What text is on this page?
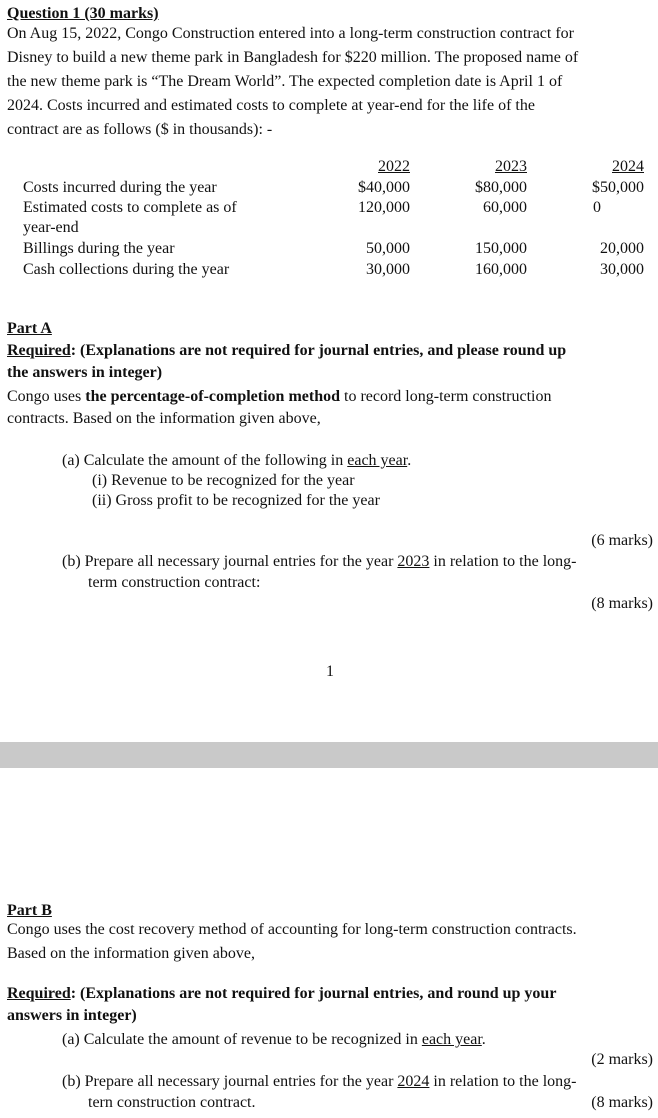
Question 1 (30 marks)

On Aug 15, 2022, Congo Construction entered into a long-term construction contract for

Disney to build a new theme park in Bangladesh for $220 million. The proposed name of

the new theme park is “The Dream World”. The expected completion date is April 1 of

2024. Costs incurred and estimated costs to complete at year-end for the life of the

contract are as follows ($ in thousands): -

2022	2023	2024
Costs incurred during the year	$40,000	$80,000	$50,000
Estimated costs to complete as of
year-end
120,000	60,000	0
Billings during the year	50,000	150,000	20,000
Cash collections during the year	30,000	160,000	30,000

Part A

Required: (Explanations are not required for journal entries, and please round up

the answers in integer)

Congo uses the percentage-of-completion method to record long-term construction

contracts. Based on the information given above,

(a) Calculate the amount of the following in each year.

(i) Revenue to be recognized for the year

(ii) Gross profit to be recognized for the year

(6 marks)

(b) Prepare all necessary journal entries for the year 2023 in relation to the long-

term construction contract:

(8 marks)

1

Part B

Congo uses the cost recovery method of accounting for long-term construction contracts.

Based on the information given above,

Required: (Explanations are not required for journal entries, and round up your

answers in integer)

(a) Calculate the amount of revenue to be recognized in each year.

(2 marks)

(b) Prepare all necessary journal entries for the year 2024 in relation to the long-

tern construction contract.	(8 marks)
